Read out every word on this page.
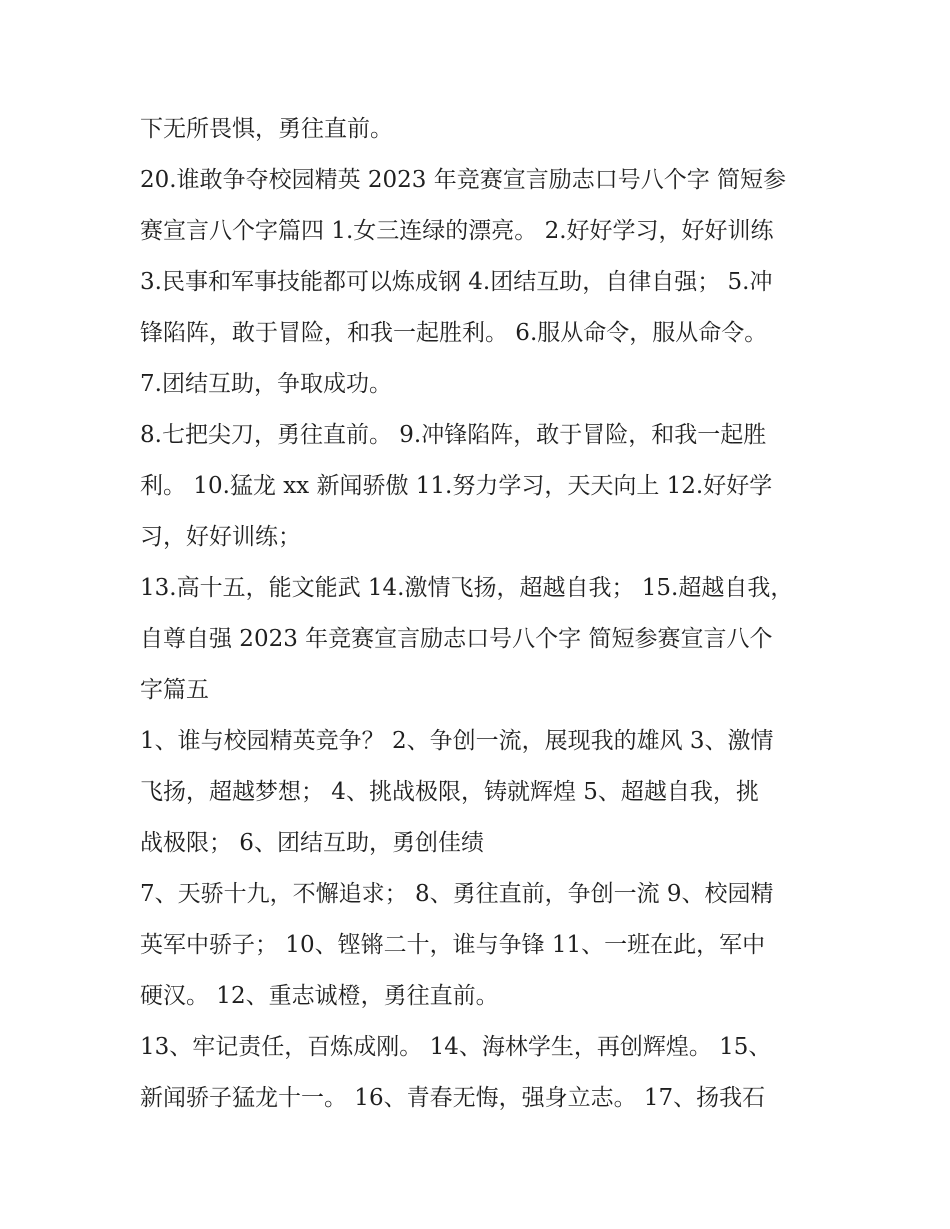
下无所畏惧，勇往直前。
20.谁敢争夺校园精英 2023 年竞赛宣言励志口号八个字 简短参
赛宣言八个字篇四 1.女三连绿的漂亮。 2.好好学习，好好训练
3.民事和军事技能都可以炼成钢 4.团结互助，自律自强； 5.冲
锋陷阵，敢于冒险，和我一起胜利。 6.服从命令，服从命令。
7.团结互助，争取成功。
8.七把尖刀，勇往直前。 9.冲锋陷阵，敢于冒险，和我一起胜
利。 10.猛龙 xx 新闻骄傲 11.努力学习，天天向上 12.好好学
习，好好训练；
13.高十五，能文能武 14.激情飞扬，超越自我； 15.超越自我，
自尊自强 2023 年竞赛宣言励志口号八个字 简短参赛宣言八个
字篇五
1、谁与校园精英竞争？ 2、争创一流，展现我的雄风 3、激情
飞扬，超越梦想； 4、挑战极限，铸就辉煌 5、超越自我，挑
战极限； 6、团结互助，勇创佳绩
7、天骄十九，不懈追求； 8、勇往直前，争创一流 9、校园精
英军中骄子； 10、铿锵二十，谁与争锋 11、一班在此，军中
硬汉。 12、重志诚橙，勇往直前。
13、牢记责任，百炼成刚。 14、海林学生，再创辉煌。 15、
新闻骄子猛龙十一。 16、青春无悔，强身立志。 17、扬我石
